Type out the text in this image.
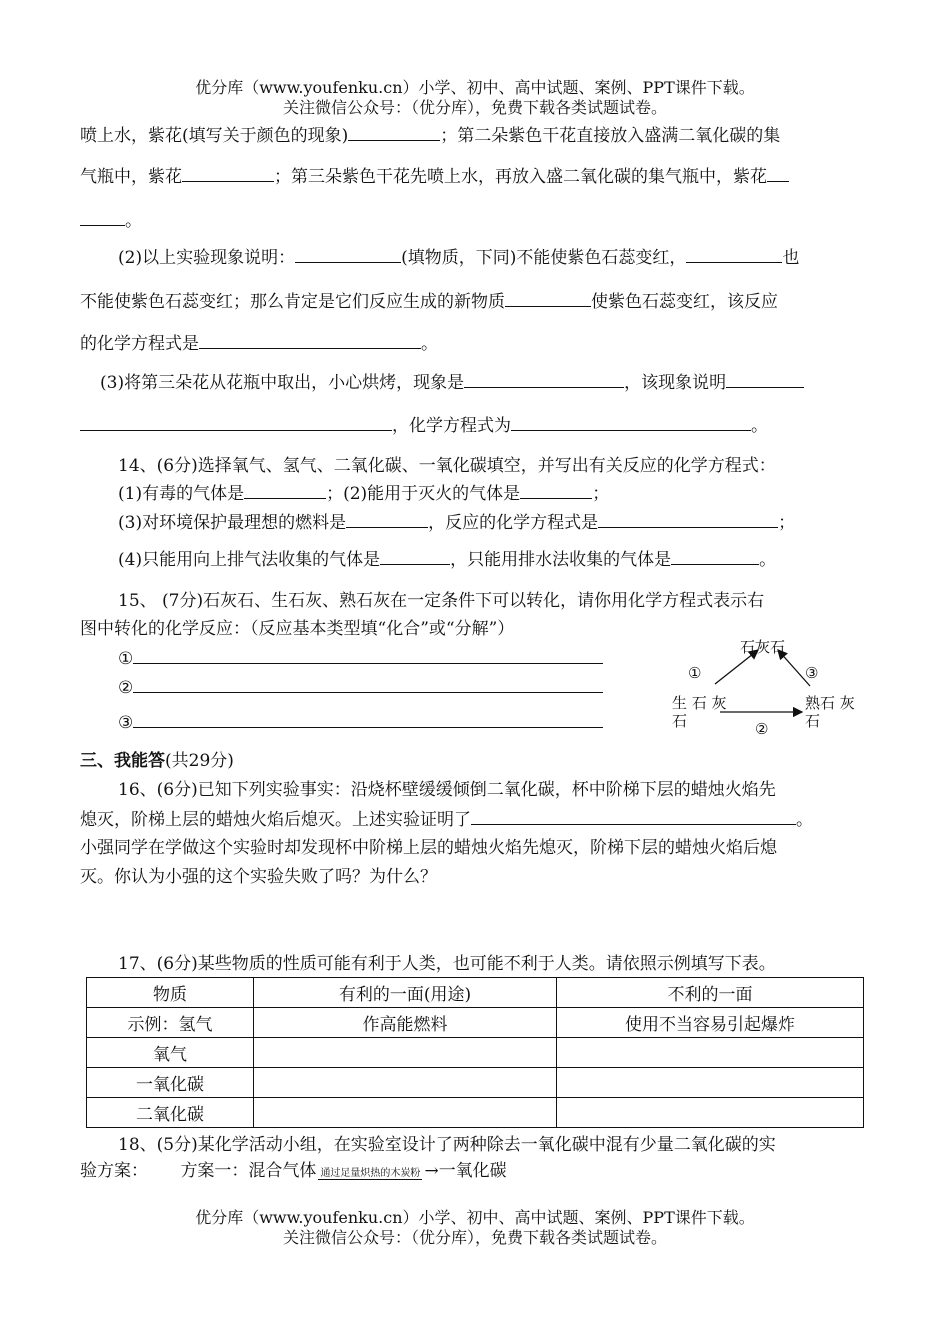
优分库（www.youfenku.cn）小学、初中、高中试题、案例、PPT课件下载。
关注微信公众号：（优分库），免费下载各类试题试卷。
喷上水，紫花(填写关于颜色的现象)	；第二朵紫色干花直接放入盛满二氧化碳的集
气瓶中，紫花	；第三朵紫色干花先喷上水，再放入盛二氧化碳的集气瓶中，紫花
。
(2)以上实验现象说明：	(填物质，下同)不能使紫色石蕊变红，	也
不能使紫色石蕊变红；那么肯定是它们反应生成的新物质	使紫色石蕊变红，该反应
的化学方程式是	。
(3)将第三朵花从花瓶中取出，小心烘烤，现象是	，该现象说明
，化学方程式为	。
14、(6分)选择氧气、氢气、二氧化碳、一氧化碳填空，并写出有关反应的化学方程式：
(1)有毒的气体是	；(2)能用于灭火的气体是	；
(3)对环境保护最理想的燃料是	，反应的化学方程式是	；
(4)只能用向上排气法收集的气体是	，只能用排水法收集的气体是	。
15、 (7分)石灰石、生石灰、熟石灰在一定条件下可以转化，请你用化学方程式表示右
图中转化的化学反应：（反应基本类型填“化合”或“分解”）
①
②
③
石灰石
生 石 灰
石
熟石 灰
石
①
②
③
三、我能答(共29分)
16、(6分)已知下列实验事实：沿烧杯壁缓缓倾倒二氧化碳，杯中阶梯下层的蜡烛火焰先
熄灭，阶梯上层的蜡烛火焰后熄灭。上述实验证明了	。
小强同学在学做这个实验时却发现杯中阶梯上层的蜡烛火焰先熄灭，阶梯下层的蜡烛火焰后熄
灭。你认为小强的这个实验失败了吗？为什么？
17、(6分)某些物质的性质可能有利于人类，也可能不利于人类。请依照示例填写下表。
物质	有利的一面(用途)	不利的一面
示例：氢气	作高能燃料	使用不当容易引起爆炸
氧气		
一氧化碳		
二氧化碳		
18、(5分)某化学活动小组，在实验室设计了两种除去一氧化碳中混有少量二氧化碳的实
验方案： 方案一：混合气体 通过足量炽热的木炭粉 →一氧化碳
优分库（www.youfenku.cn）小学、初中、高中试题、案例、PPT课件下载。
关注微信公众号：（优分库），免费下载各类试题试卷。
